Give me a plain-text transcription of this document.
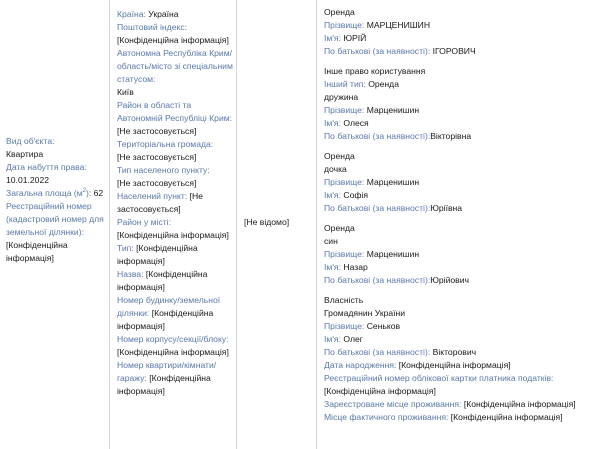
Вид об'єкта:
Квартира
Дата набуття права:
10.01.2022
Загальна площа $(м^2)$: 62
Реєстраційний номер (кадастровий номер для земельної ділянки):
[Конфіденційна інформація]
Країна: Україна
Поштовий індекс:
[Конфіденційна інформація]
Автономна Республіка Крим/область/місто зі спеціальним статусом:
Київ
Район в області та Автономній Республіці Крим: [Не застосовується]
Територіальна громада:
[Не застосовується]
Тип населеного пункту:
[Не застосовується]
Населений пункт: [Не застосовується]
Район у місті:
[Конфіденційна інформація]
Тип: [Конфіденційна інформація]
Назва: [Конфіденційна інформація]
Номер будинку/земельної ділянки: [Конфіденційна інформація]
Номер корпусу/секції/блоку: [Конфіденційна інформація]
Номер квартири/кімнати/гаражу: [Конфіденційна інформація]
[Не відомо]
Оренда
Прізвище: МАРЦЕНИШИН
Ім'я: ЮРІЙ
По батькові (за наявності): ІГОРОВИЧ
Інше право користування
Інший тип: Оренда
дружина
Прізвище: Марценишин
Ім'я: Олеся
По батькові (за наявності):Вікторівна
Оренда
дочка
Прізвище: Марценишин
Ім'я: Софія
По батькові (за наявності):Юріївна
Оренда
син
Прізвище: Марценишин
Ім'я: Назар
По батькові (за наявності):Юрійович
Власність
Громадянин України
Прізвище: Сеньков
Ім'я: Олег
По батькові (за наявності): Вікторович
Дата народження: [Конфіденційна інформація]
Реєстраційний номер облікової картки платника податків:
[Конфіденційна інформація]
Зареєстроване місце проживання: [Конфіденційна інформація]
Місце фактичного проживання: [Конфіденційна інформація]
